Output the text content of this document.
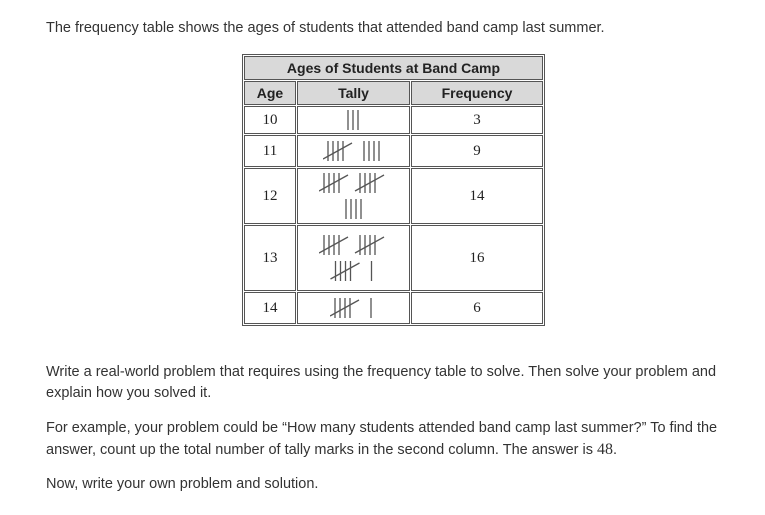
The frequency table shows the ages of students that attended band camp last summer.

Ages of Students at Band Camp		
Age	Tally	Frequency
10		3
11		9
12		14
13		16
14		6

Write a real-world problem that requires using the frequency table to solve. Then solve your problem and explain how you solved it.

For example, your problem could be “How many students attended band camp last summer?” To find the answer, count up the total number of tally marks in the second column. The answer is 48.

Now, write your own problem and solution.
